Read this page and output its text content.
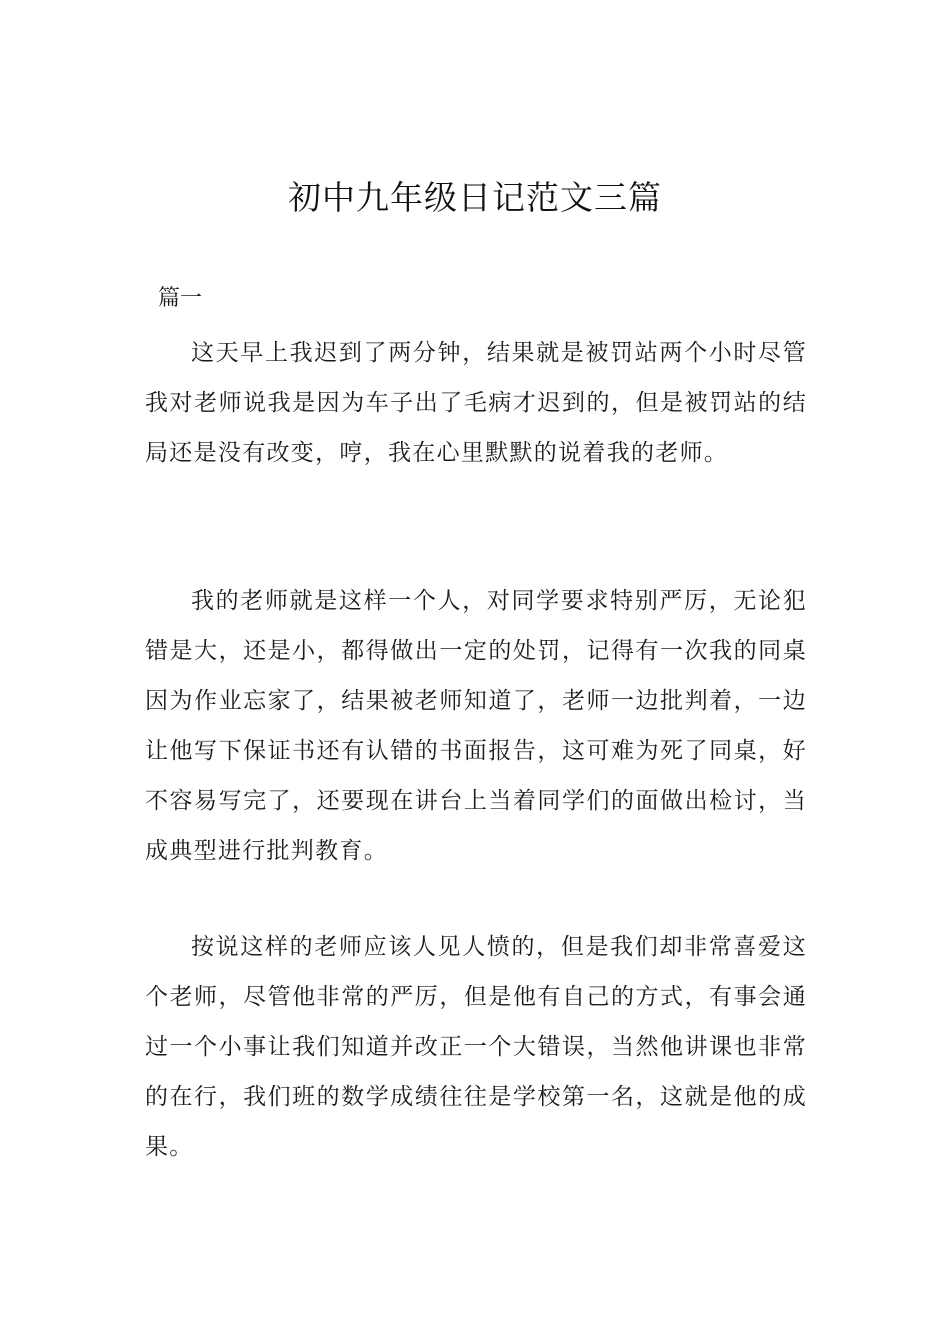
初中九年级日记范文三篇

篇一

这天早上我迟到了两分钟，结果就是被罚站两个小时尽管我对老师说我是因为车子出了毛病才迟到的，但是被罚站的结局还是没有改变，哼，我在心里默默的说着我的老师。

我的老师就是这样一个人，对同学要求特别严厉，无论犯错是大，还是小，都得做出一定的处罚，记得有一次我的同桌因为作业忘家了，结果被老师知道了，老师一边批判着，一边让他写下保证书还有认错的书面报告，这可难为死了同桌，好不容易写完了，还要现在讲台上当着同学们的面做出检讨，当成典型进行批判教育。

按说这样的老师应该人见人愤的，但是我们却非常喜爱这个老师，尽管他非常的严厉，但是他有自己的方式，有事会通过一个小事让我们知道并改正一个大错误，当然他讲课也非常的在行，我们班的数学成绩往往是学校第一名，这就是他的成果。
